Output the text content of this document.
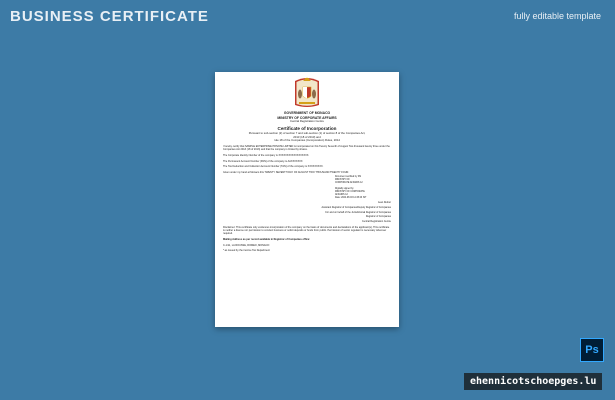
BUSINESS CERTIFICATE	fully editable template
GOVERNMENT OF MONACO
MINISTRY OF CORPORATE AFFAIRS
Central Registration Centre
Certificate of Incorporation
Pursuant to sub-section (2) of section 7 and sub-section (1) of section 8 of the Companies Act,
2013 (18 of 2013) and
rule 18 of the Companies (Incorporation) Rules, 2014
I hereby certify that SAMPLE ENTERPRISE PRIVATE LIMITED is incorporated on this Twenty Seventh of August Two thousand twenty three under the Companies Act 2013 (18 of 2013) and that the company is limited by shares.
The Corporate Identity Number of the company is XXXXXXXXXXXXXXXXXX.
The Permanent Account Number (PAN) of the company is AAXXXXXXX
The Tax Deduction and Collection Account Number (TAN) of the company is XXXXXXXXX.
Given under my hand at Monaco this TWENTY SEVENTH DAY OF AUGUST TWO THOUSAND TWENTY FOUR.
Document certified by DS
MINISTRY OF
CORPORATE AFFAIRS 12

Digitally signed by
MINISTRY OF CORPORATE
AFFAIRS 12
Date: 2024.08.03 14:45:43 IST
Jean Dufour
Assistant Registrar of Companies/Deputy Registrar of Companies
For and on behalf of the Jurisdictional Registrar of Companies
Registrar of Companies
Central Registration Centre
Disclaimer: This certificate only evidences incorporation of the company on the basis of documents and declarations of the applicant(s). This certificate is neither a license nor permission to conduct business or solicit deposits or funds from public. Permission of sector regulator is necessary wherever required.
Mailing Address as per record available in Registrar of Companies office:
C-1/11, LA ROUSSE, ROMEO, MONACO
* as issued by the income Tax Department
Ps
ehennicotschoepges.lu
